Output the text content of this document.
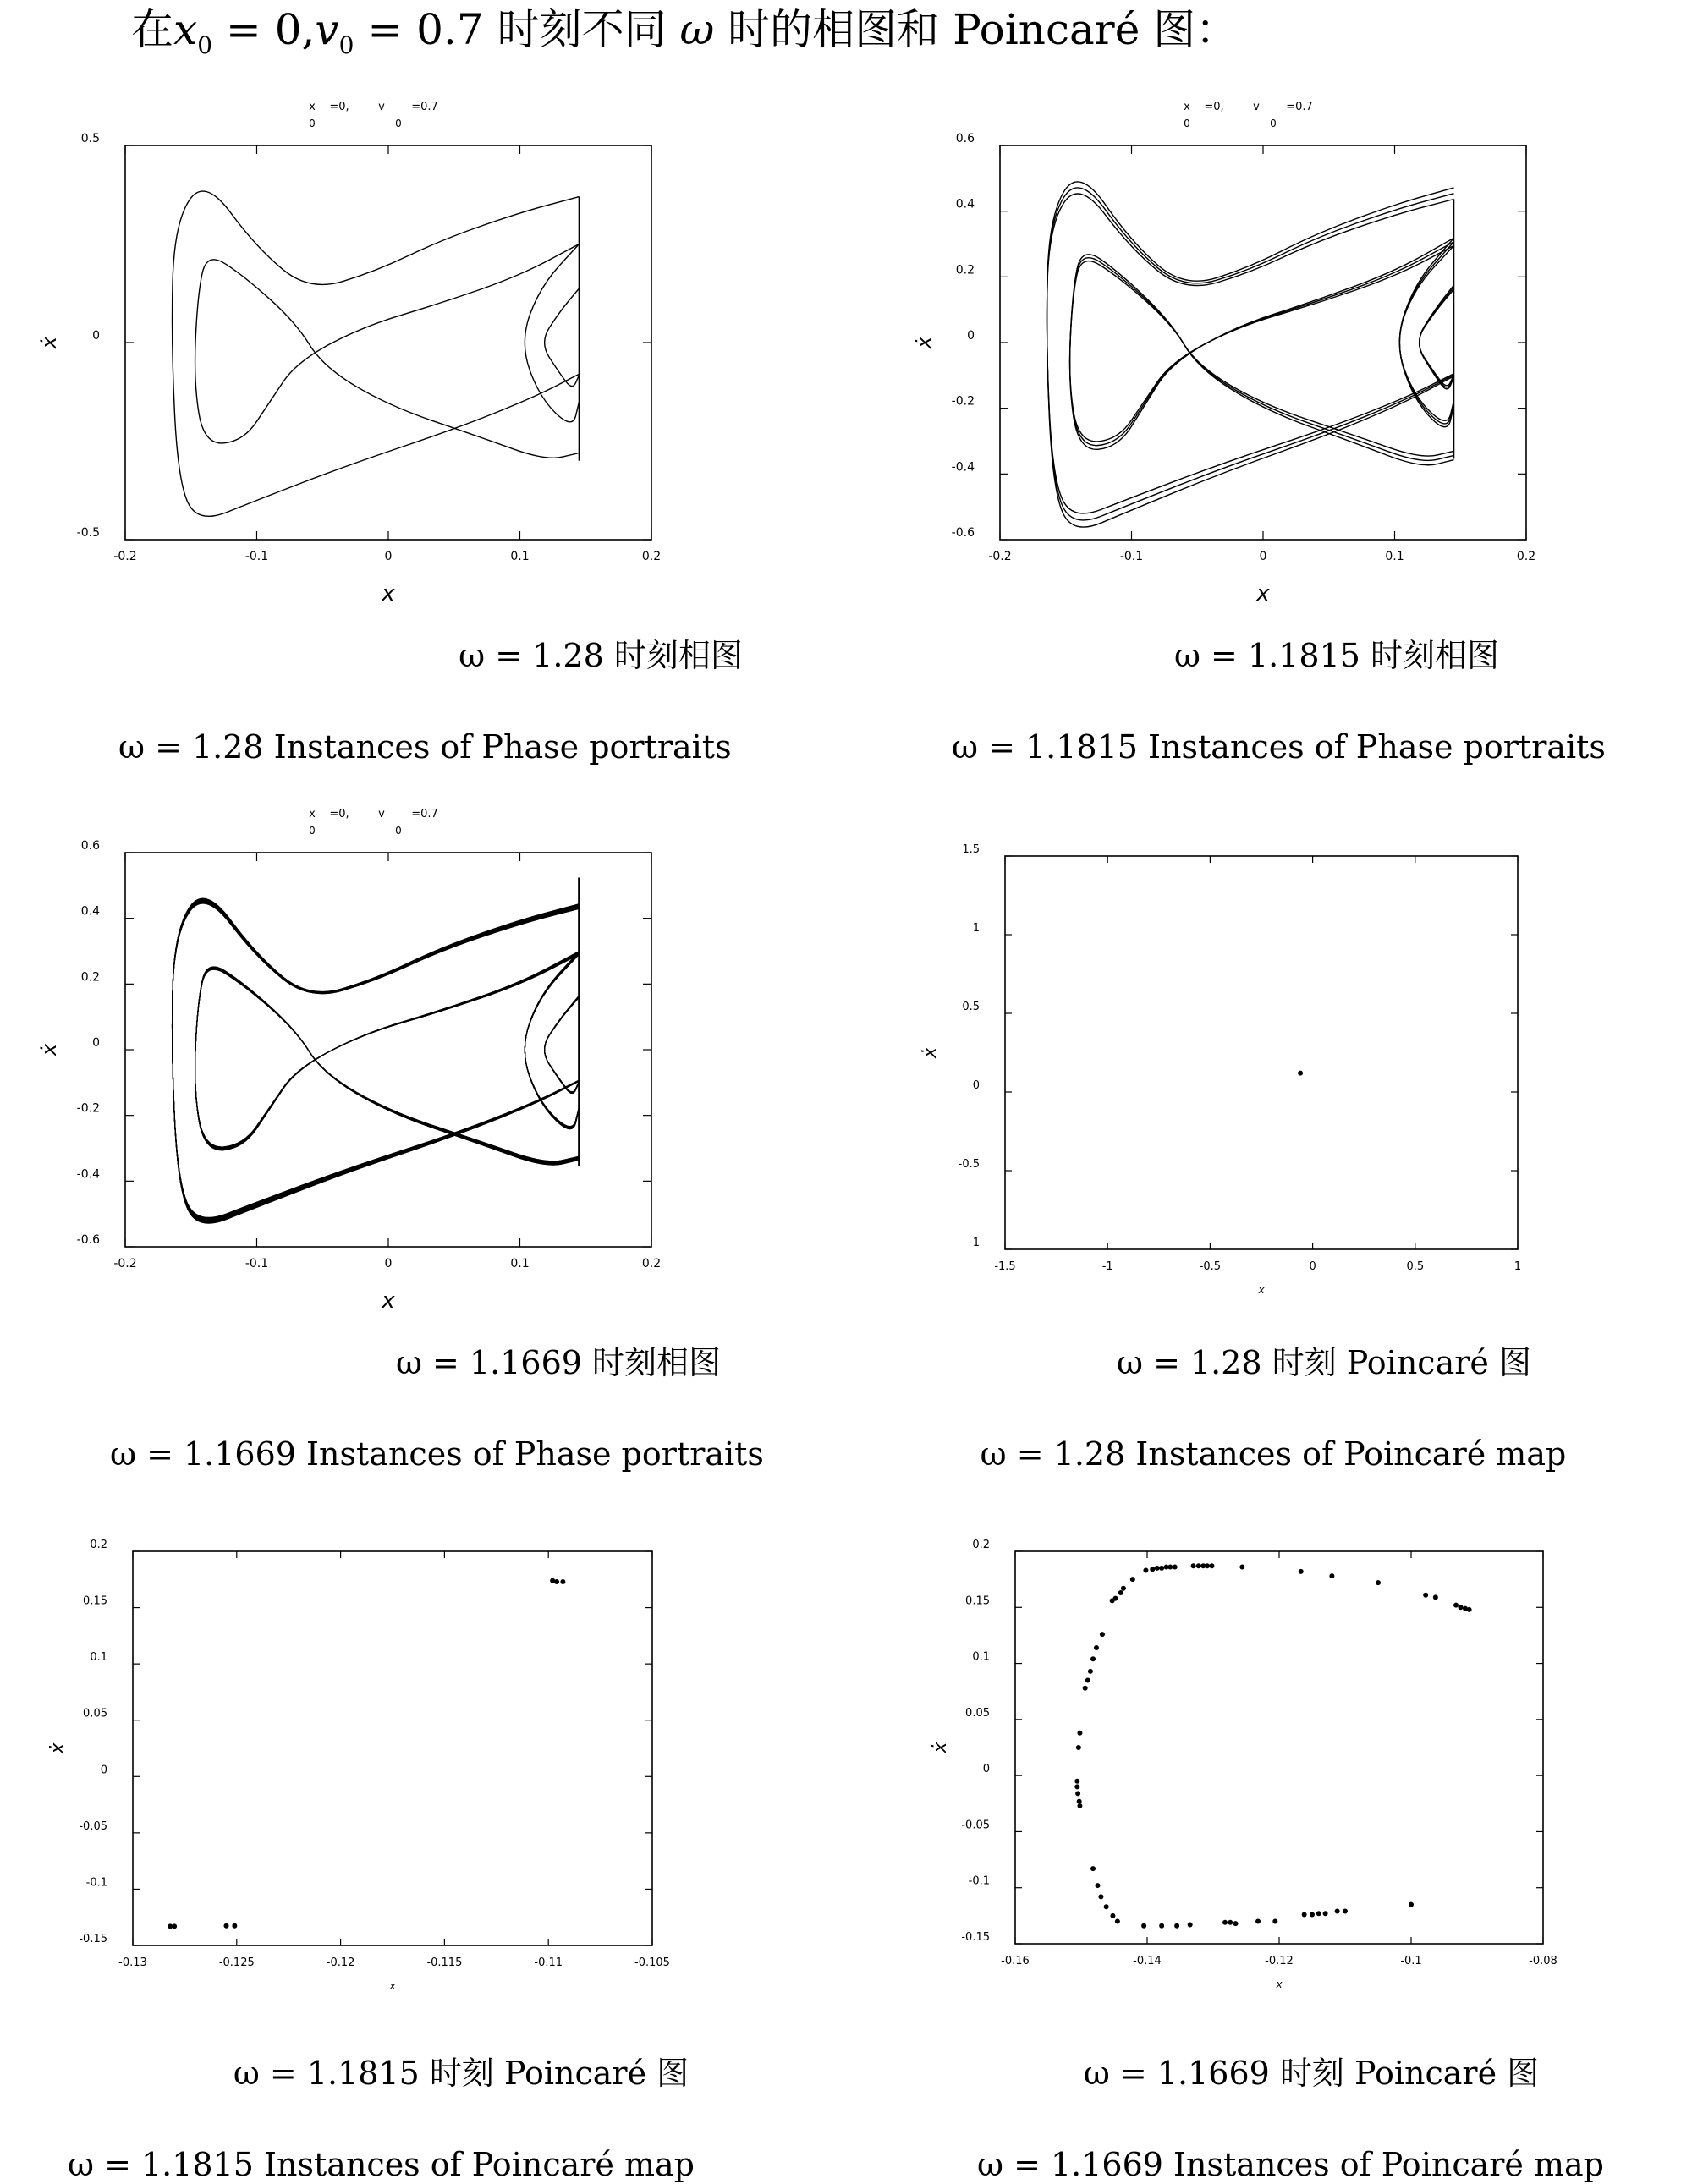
在$x_0 = 0,v_0 = 0.7$ 时刻不同 ω 时的相图和 Poincaré 图：
-0.2	-0.1	0	0.1	0.2
-0.5
0
0.5
x
ẋ
x
0
=0,	v
0
=0.7
-0.2	-0.1	0	0.1	0.2
-0.6
-0.4
-0.2
0
0.2
0.4
0.6
x
ẋ
x
0
=0,	v
0
=0.7
-0.2	-0.1	0	0.1	0.2
-0.6
-0.4
-0.2
0
0.2
0.4
0.6
x
ẋ
x
0
=0,	v
0
=0.7
-1.5	-1	-0.5	0	0.5	1
-1
-0.5
0
0.5
1
1.5
x
ẋ
-0.13	-0.125	-0.12	-0.115	-0.11	-0.105
-0.15
-0.1
-0.05
0
0.05
0.1
0.15
0.2
x
ẋ
-0.16	-0.14	-0.12	-0.1	-0.08
-0.15
-0.1
-0.05
0
0.05
0.1
0.15
0.2
x
ẋ
ω = 1.28 时刻相图
ω = 1.28 Instances of Phase portraits
ω = 1.1815 时刻相图
ω = 1.1815 Instances of Phase portraits
ω = 1.1669 时刻相图
ω = 1.1669 Instances of Phase portraits
ω = 1.28 时刻 Poincaré 图
ω = 1.28 Instances of Poincaré map
ω = 1.1815 时刻 Poincaré 图
ω = 1.1815 Instances of Poincaré map
ω = 1.1669 时刻 Poincaré 图
ω = 1.1669 Instances of Poincaré map
